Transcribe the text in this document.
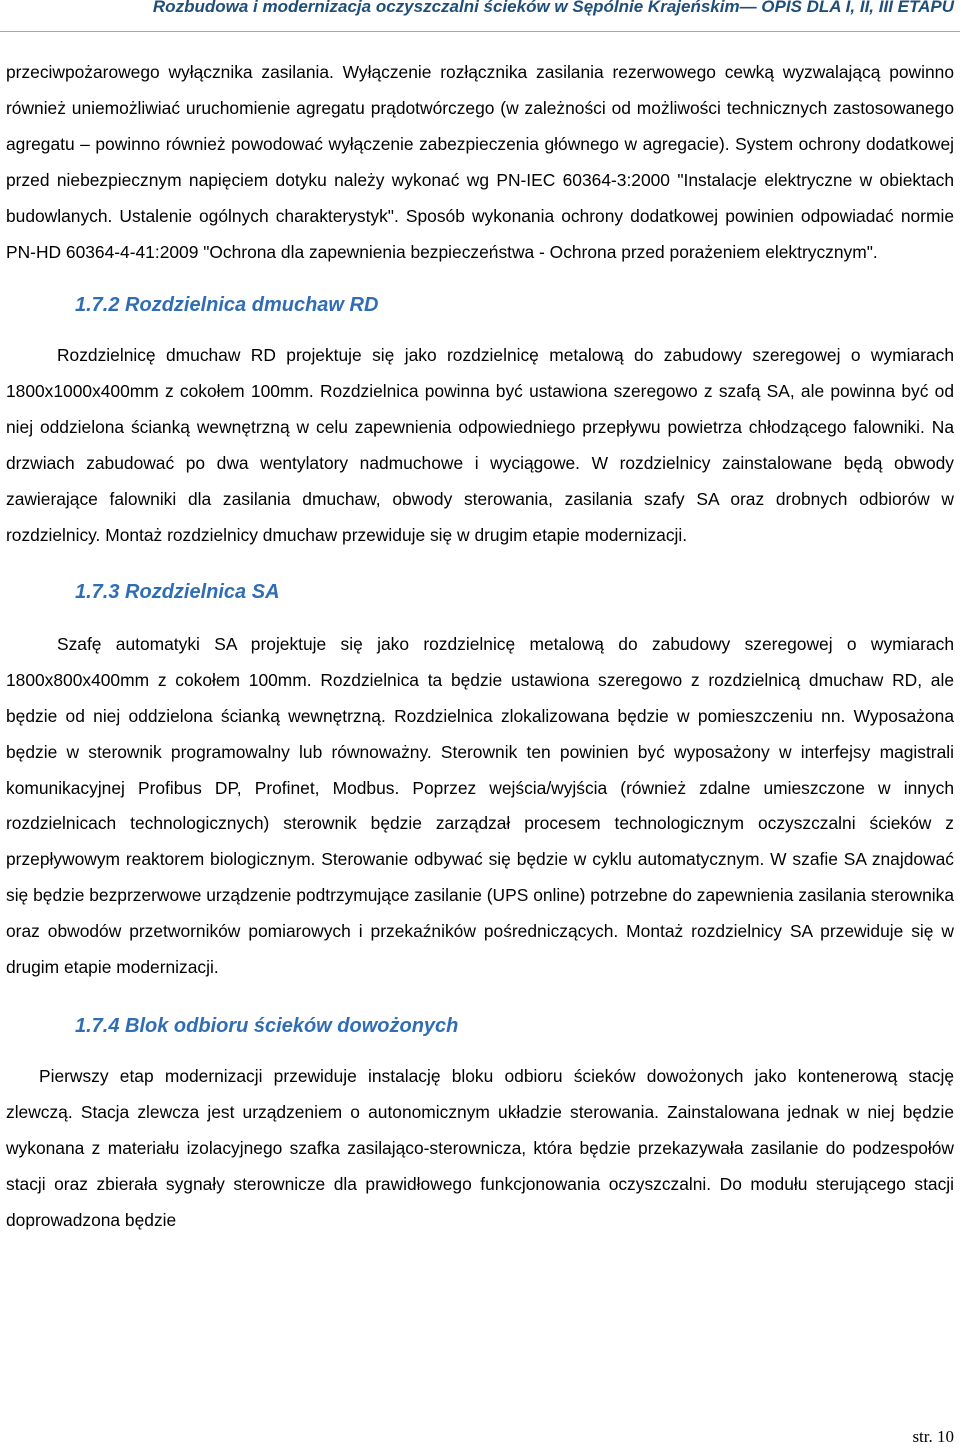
Rozbudowa i modernizacja oczyszczalni ścieków w Sępólnie Krajeńskim— OPIS DLA I, II, III ETAPU

przeciwpożarowego wyłącznika zasilania. Wyłączenie rozłącznika zasilania rezerwowego cewką wyzwalającą powinno również uniemożliwiać uruchomienie agregatu prądotwórczego (w zależności od możliwości technicznych zastosowanego agregatu – powinno również powodować wyłączenie zabezpieczenia głównego w agregacie). System ochrony dodatkowej przed niebezpiecznym napięciem dotyku należy wykonać wg PN-IEC 60364-3:2000 "Instalacje elektryczne w obiektach budowlanych. Ustalenie ogólnych charakterystyk". Sposób wykonania ochrony dodatkowej powinien odpowiadać normie PN-HD 60364-4-41:2009 "Ochrona dla zapewnienia bezpieczeństwa - Ochrona przed porażeniem elektrycznym".

1.7.2 Rozdzielnica dmuchaw RD

Rozdzielnicę dmuchaw RD projektuje się jako rozdzielnicę metalową do zabudowy szeregowej o wymiarach 1800x1000x400mm z cokołem 100mm. Rozdzielnica powinna być ustawiona szeregowo z szafą SA, ale powinna być od niej oddzielona ścianką wewnętrzną w celu zapewnienia odpowiedniego przepływu powietrza chłodzącego falowniki. Na drzwiach zabudować po dwa wentylatory nadmuchowe i wyciągowe. W rozdzielnicy zainstalowane będą obwody zawierające falowniki dla zasilania dmuchaw, obwody sterowania, zasilania szafy SA oraz drobnych odbiorów w rozdzielnicy. Montaż rozdzielnicy dmuchaw przewiduje się w drugim etapie modernizacji.

1.7.3 Rozdzielnica SA

Szafę automatyki SA projektuje się jako rozdzielnicę metalową do zabudowy szeregowej o wymiarach 1800x800x400mm z cokołem 100mm. Rozdzielnica ta będzie ustawiona szeregowo z rozdzielnicą dmuchaw RD, ale będzie od niej oddzielona ścianką wewnętrzną. Rozdzielnica zlokalizowana będzie w pomieszczeniu nn. Wyposażona będzie w sterownik programowalny lub równoważny. Sterownik ten powinien być wyposażony w interfejsy magistrali komunikacyjnej Profibus DP, Profinet, Modbus. Poprzez wejścia/wyjścia (również zdalne umieszczone w innych rozdzielnicach technologicznych) sterownik będzie zarządzał procesem technologicznym oczyszczalni ścieków z przepływowym reaktorem biologicznym. Sterowanie odbywać się będzie w cyklu automatycznym. W szafie SA znajdować się będzie bezprzerwowe urządzenie podtrzymujące zasilanie (UPS online) potrzebne do zapewnienia zasilania sterownika oraz obwodów przetworników pomiarowych i przekaźników pośredniczących. Montaż rozdzielnicy SA przewiduje się w drugim etapie modernizacji.

1.7.4 Blok odbioru ścieków dowożonych

Pierwszy etap modernizacji przewiduje instalację bloku odbioru ścieków dowożonych jako kontenerową stację zlewczą. Stacja zlewcza jest urządzeniem o autonomicznym układzie sterowania. Zainstalowana jednak w niej będzie wykonana z materiału izolacyjnego szafka zasilająco-sterownicza, która będzie przekazywała zasilanie do podzespołów stacji oraz zbierała sygnały sterownicze dla prawidłowego funkcjonowania oczyszczalni. Do modułu sterującego stacji doprowadzona będzie

str. 10
